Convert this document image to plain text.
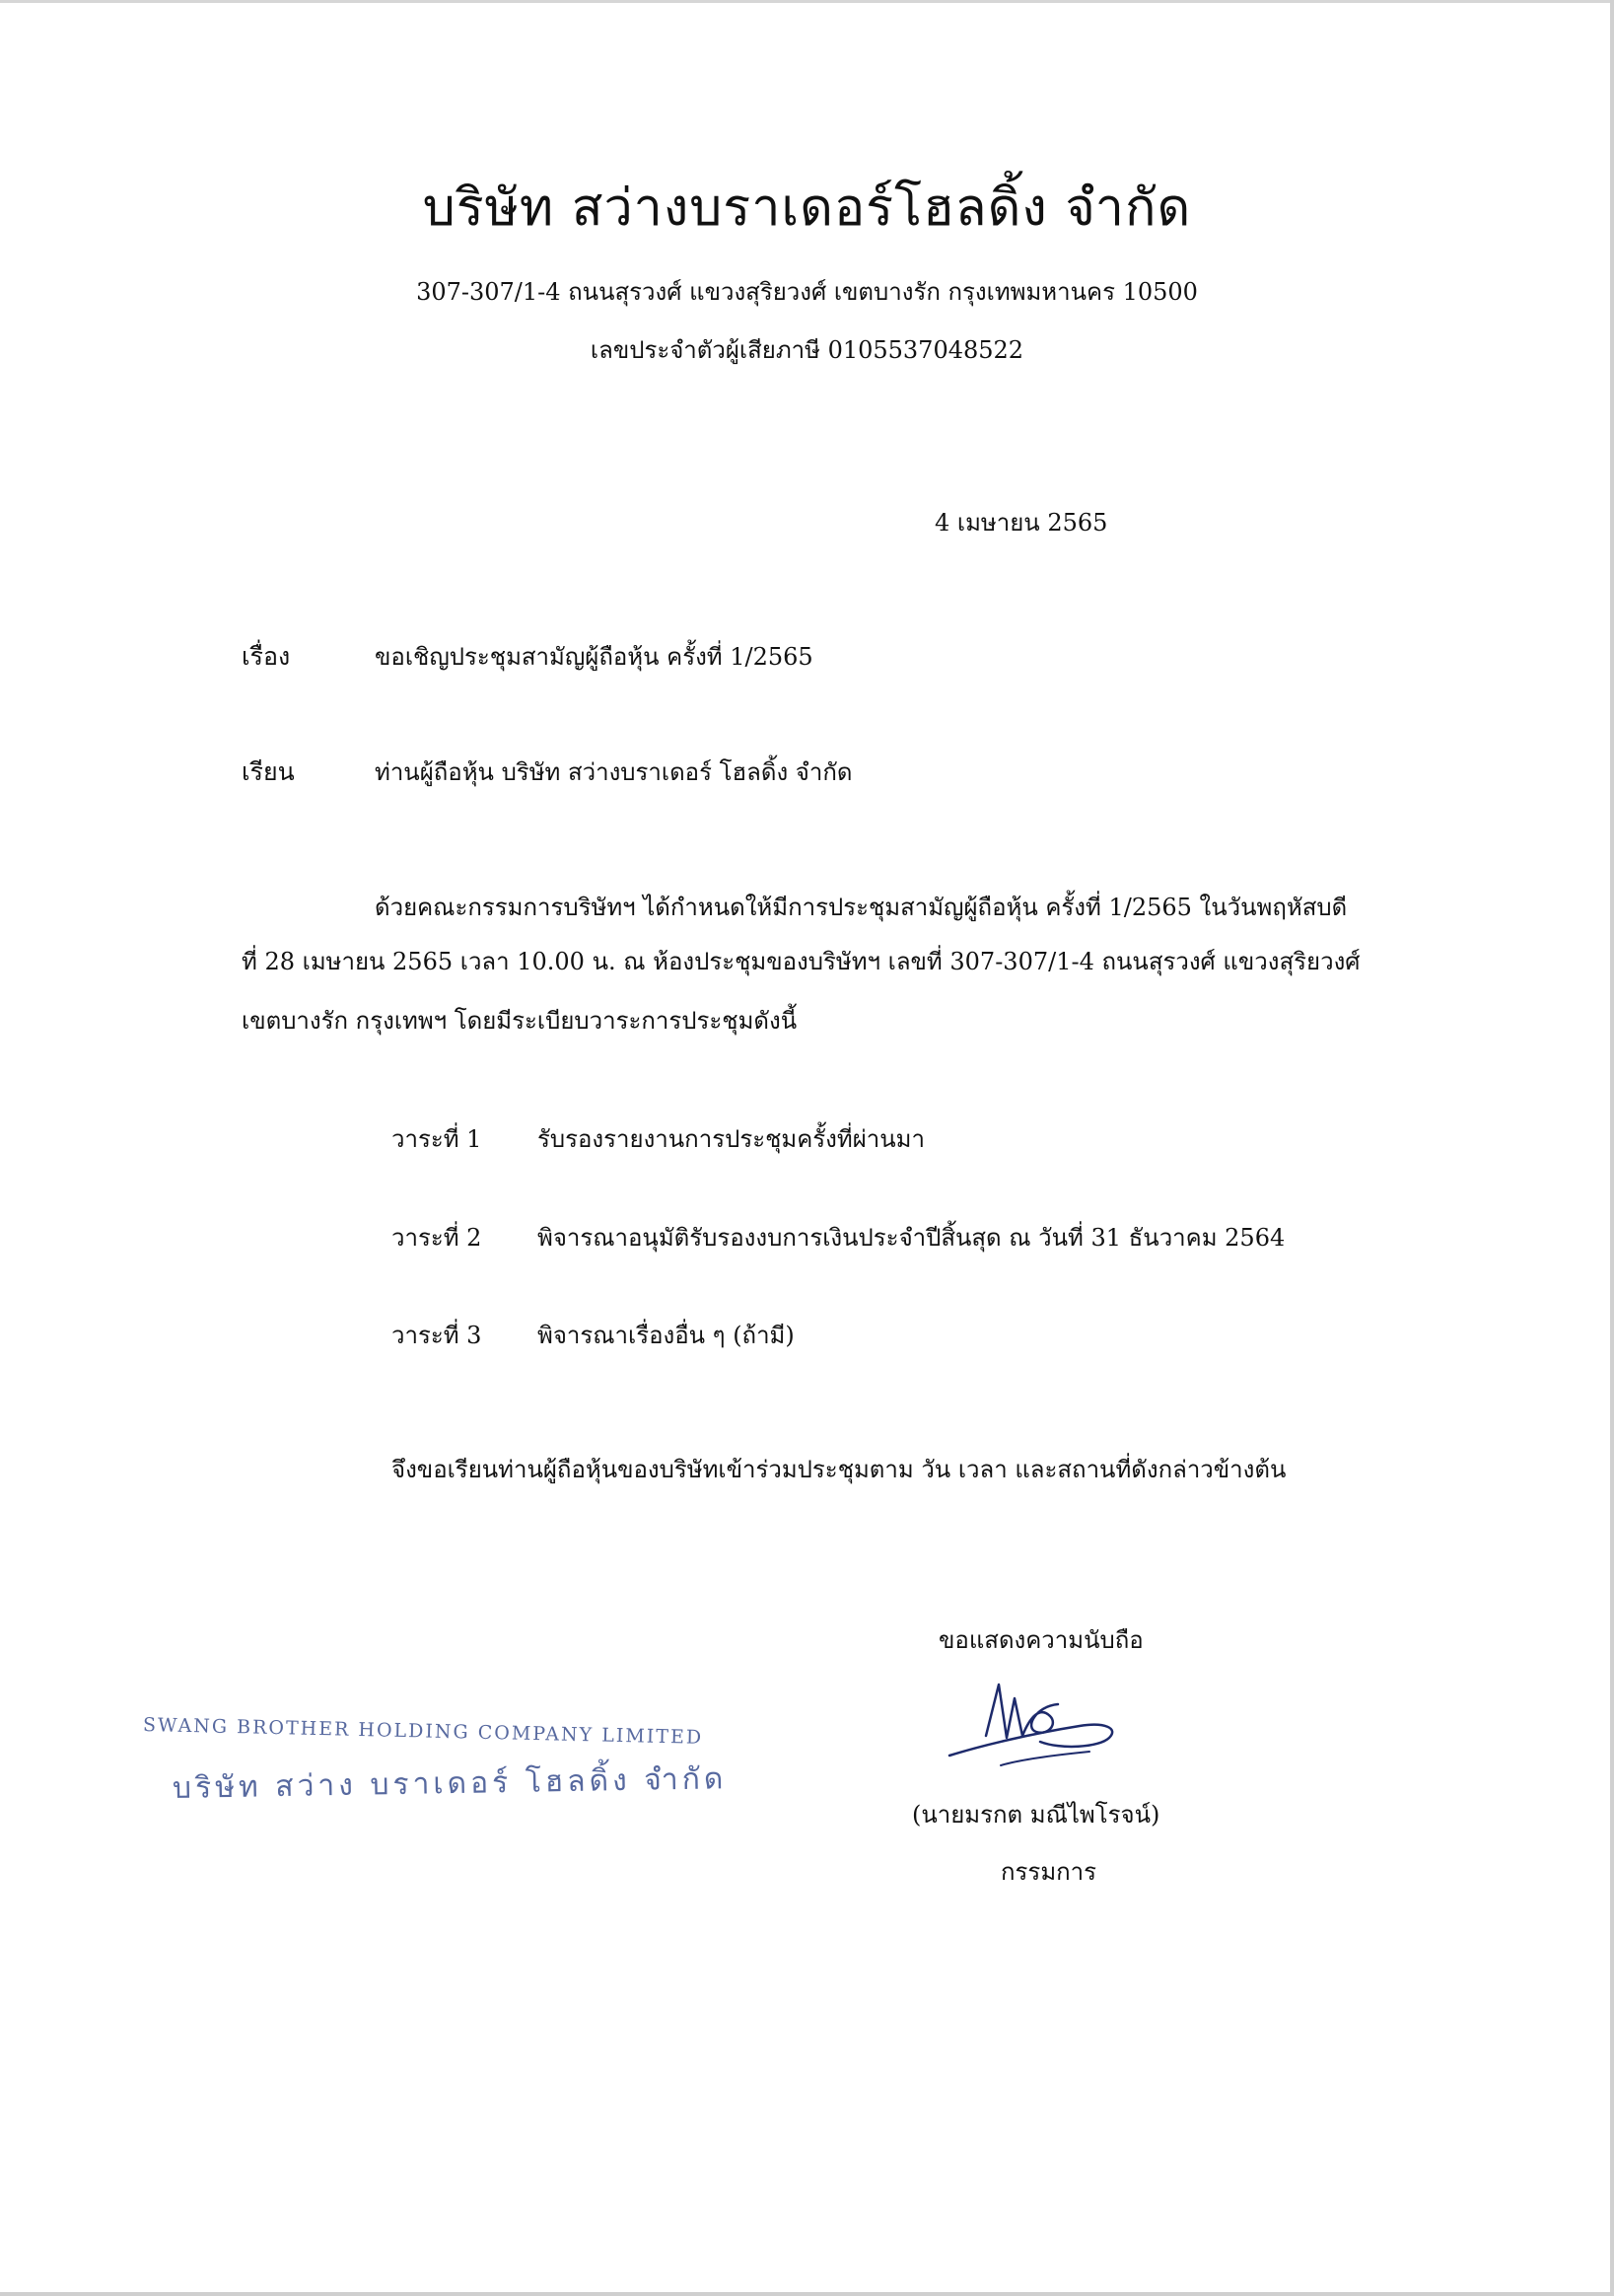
บริษัท สว่างบราเดอร์โฮลดิ้ง จำกัด
307-307/1-4 ถนนสุรวงศ์ แขวงสุริยวงศ์ เขตบางรัก กรุงเทพมหานคร 10500
เลขประจำตัวผู้เสียภาษี 0105537048522
4 เมษายน 2565
เรื่อง	ขอเชิญประชุมสามัญผู้ถือหุ้น ครั้งที่ 1/2565
เรียน	ท่านผู้ถือหุ้น บริษัท สว่างบราเดอร์ โฮลดิ้ง จำกัด
ด้วยคณะกรรมการบริษัทฯ ได้กำหนดให้มีการประชุมสามัญผู้ถือหุ้น ครั้งที่ 1/2565 ในวันพฤหัสบดี
ที่ 28 เมษายน 2565 เวลา 10.00 น. ณ ห้องประชุมของบริษัทฯ เลขที่ 307-307/1-4 ถนนสุรวงศ์ แขวงสุริยวงศ์
เขตบางรัก กรุงเทพฯ โดยมีระเบียบวาระการประชุมดังนี้
วาระที่ 1 รับรองรายงานการประชุมครั้งที่ผ่านมา
วาระที่ 2 พิจารณาอนุมัติรับรองงบการเงินประจำปีสิ้นสุด ณ วันที่ 31 ธันวาคม 2564
วาระที่ 3 พิจารณาเรื่องอื่น ๆ (ถ้ามี)
จึงขอเรียนท่านผู้ถือหุ้นของบริษัทเข้าร่วมประชุมตาม วัน เวลา และสถานที่ดังกล่าวข้างต้น
ขอแสดงความนับถือ
(นายมรกต มณีไพโรจน์)
กรรมการ
SWANG BROTHER HOLDING COMPANY LIMITED
บริษัท สว่าง บราเดอร์ โฮลดิ้ง จำกัด
